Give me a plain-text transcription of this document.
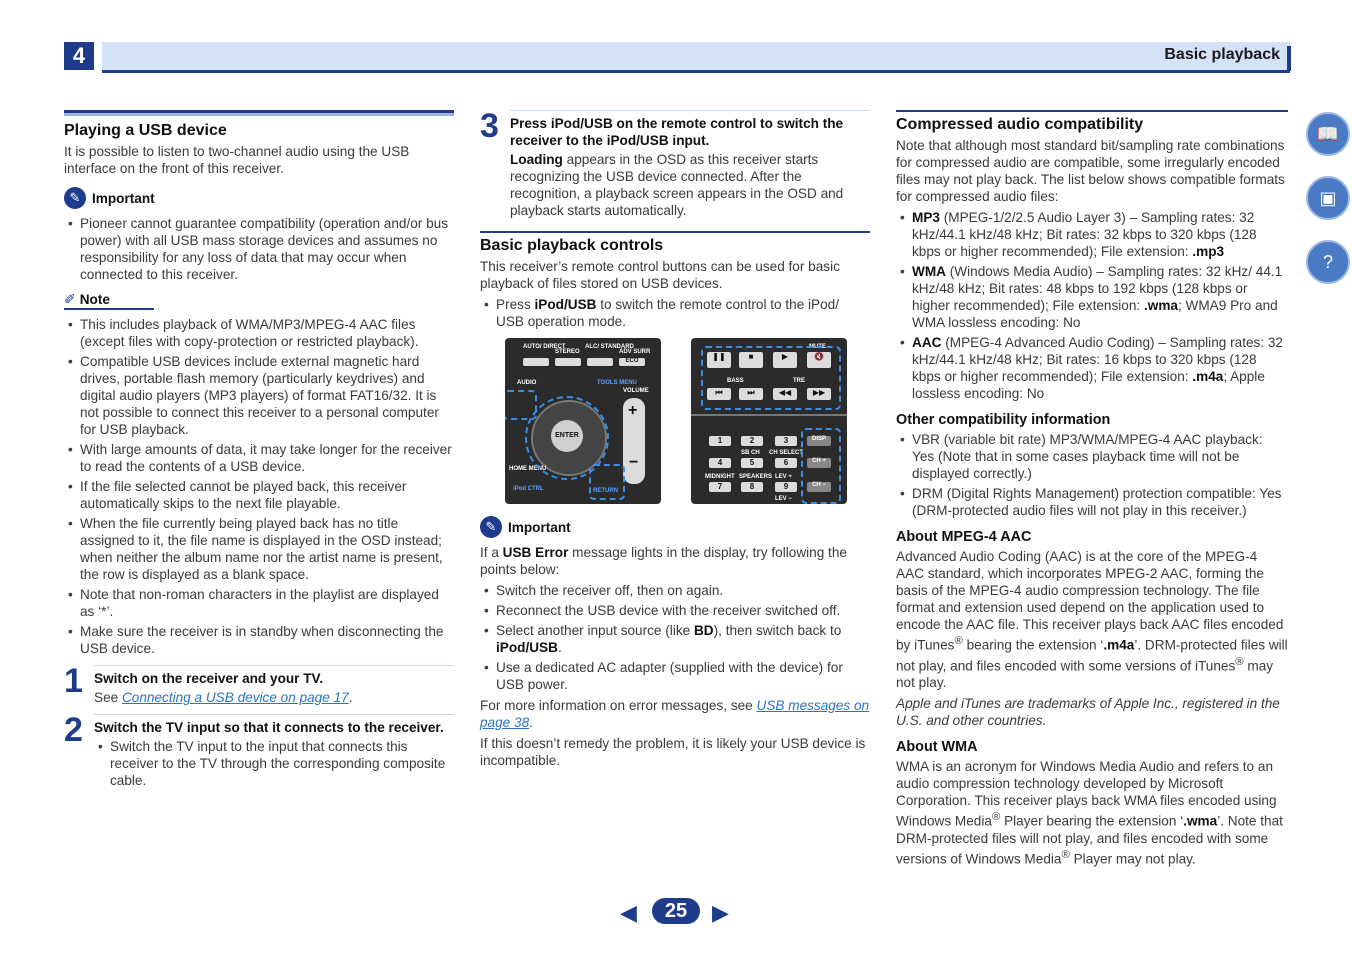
4	Basic playback
Playing a USB device

It is possible to listen to two-channel audio using the USB interface on the front of this receiver.

✎ Important
• Pioneer cannot guarantee compatibility (operation and/or bus power) with all USB mass storage devices and assumes no responsibility for any loss of data that may occur when connected to this receiver.
✐ Note
• This includes playback of WMA/MP3/MPEG-4 AAC files (except files with copy-protection or restricted playback).
• Compatible USB devices include external magnetic hard drives, portable flash memory (particularly keydrives) and digital audio players (MP3 players) of format FAT16/32. It is not possible to connect this receiver to a personal computer for USB playback.
• With large amounts of data, it may take longer for the receiver to read the contents of a USB device.
• If the file selected cannot be played back, this receiver automatically skips to the next file playable.
• When the file currently being played back has no title assigned to it, the file name is displayed in the OSD instead; when neither the album name nor the artist name is present, the row is displayed as a blank space.
• Note that non-roman characters in the playlist are displayed as ‘*’.
• Make sure the receiver is in standby when disconnecting the USB device.
1 Switch on the receiver and your TV.
See Connecting a USB device on page 17.
2 Switch the TV input so that it connects to the receiver.
• Switch the TV input to the input that connects this receiver to the TV through the corresponding composite cable.
3 Press iPod/USB on the remote control to switch the receiver to the iPod/USB input.

Loading appears in the OSD as this receiver starts recognizing the USB device connected. After the recognition, a playback screen appears in the OSD and playback starts automatically.

Basic playback controls

This receiver’s remote control buttons can be used for basic playback of files stored on USB devices.

• Press iPod/USB to switch the remote control to the iPod/ USB operation mode.
AUTO/ DIRECT
STEREO
ALC/ STANDARD
ADV SURR
ECO
AUDIO	TOOLS MENU
VOLUME
ENTER
HOME MENU
iPod CTRL	RETURN
+
−
MUTE
❚❚	■	▶	🔇
BASS	TRE
⏮	⏭	◀◀	▶▶
1	2	3
SB CH CH SELECT
4	5	6
MIDNIGHT SPEAKERS LEV +
7	8	9
LEV −
DISP
CH +
CH −
✎ Important

If a USB Error message lights in the display, try following the points below:

• Switch the receiver off, then on again.
• Reconnect the USB device with the receiver switched off.
• Select another input source (like BD), then switch back to iPod/USB.
• Use a dedicated AC adapter (supplied with the device) for USB power.

For more information on error messages, see USB messages on page 38.

If this doesn’t remedy the problem, it is likely your USB device is incompatible.

Compressed audio compatibility

Note that although most standard bit/sampling rate combinations for compressed audio are compatible, some irregularly encoded files may not play back. The list below shows compatible formats for compressed audio files:

• MP3 (MPEG-1/2/2.5 Audio Layer 3) – Sampling rates: 32 kHz/44.1 kHz/48 kHz; Bit rates: 32 kbps to 320 kbps (128 kbps or higher recommended); File extension: .mp3
• WMA (Windows Media Audio) – Sampling rates: 32 kHz/ 44.1 kHz/48 kHz; Bit rates: 48 kbps to 192 kbps (128 kbps or higher recommended); File extension: .wma; WMA9 Pro and WMA lossless encoding: No
• AAC (MPEG-4 Advanced Audio Coding) – Sampling rates: 32 kHz/44.1 kHz/48 kHz; Bit rates: 16 kbps to 320 kbps (128 kbps or higher recommended); File extension: .m4a; Apple lossless encoding: No
Other compatibility information
• VBR (variable bit rate) MP3/WMA/MPEG-4 AAC playback: Yes (Note that in some cases playback time will not be displayed correctly.)
• DRM (Digital Rights Management) protection compatible: Yes (DRM-protected audio files will not play in this receiver.)
About MPEG-4 AAC

Advanced Audio Coding (AAC) is at the core of the MPEG-4 AAC standard, which incorporates MPEG-2 AAC, forming the basis of the MPEG-4 audio compression technology. The file format and extension used depend on the application used to encode the AAC file. This receiver plays back AAC files encoded by iTunes® bearing the extension ‘.m4a’. DRM-protected files will not play, and files encoded with some versions of iTunes® may not play.

Apple and iTunes are trademarks of Apple Inc., registered in the U.S. and other countries.

About WMA

WMA is an acronym for Windows Media Audio and refers to an audio compression technology developed by Microsoft Corporation. This receiver plays back WMA files encoded using Windows Media® Player bearing the extension ‘.wma’. Note that DRM-protected files will not play, and files encoded with some versions of Windows Media® Player may not play.

📖
▣
?
◀	25	▶
